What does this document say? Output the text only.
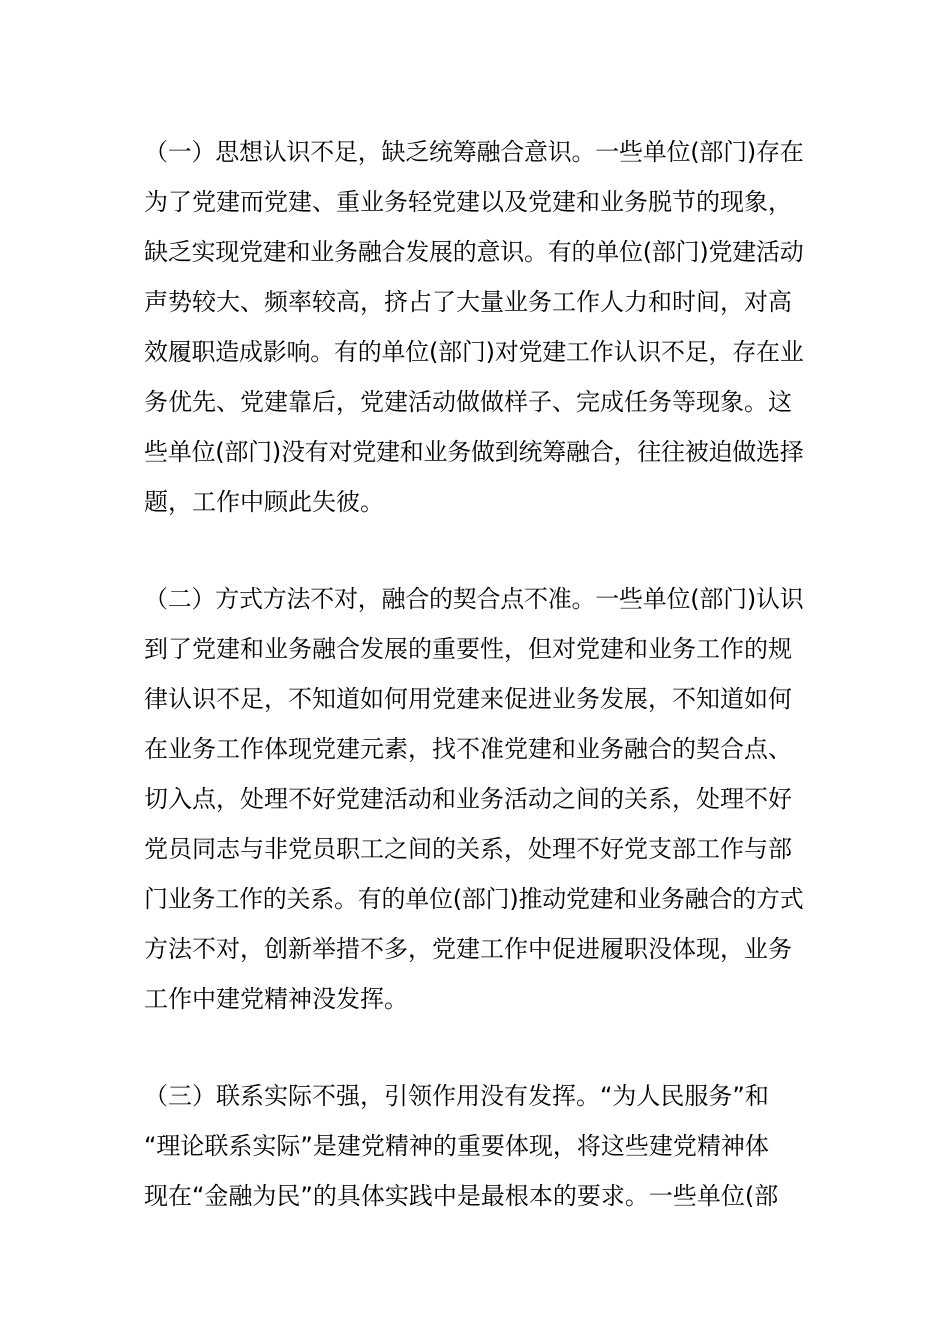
（一）思想认识不足，缺乏统筹融合意识。一些单位(部门)存在
为了党建而党建、重业务轻党建以及党建和业务脱节的现象，
缺乏实现党建和业务融合发展的意识。有的单位(部门)党建活动
声势较大、频率较高，挤占了大量业务工作人力和时间，对高
效履职造成影响。有的单位(部门)对党建工作认识不足，存在业
务优先、党建靠后，党建活动做做样子、完成任务等现象。这
些单位(部门)没有对党建和业务做到统筹融合，往往被迫做选择
题，工作中顾此失彼。
（二）方式方法不对，融合的契合点不准。一些单位(部门)认识
到了党建和业务融合发展的重要性，但对党建和业务工作的规
律认识不足，不知道如何用党建来促进业务发展，不知道如何
在业务工作体现党建元素，找不准党建和业务融合的契合点、
切入点，处理不好党建活动和业务活动之间的关系，处理不好
党员同志与非党员职工之间的关系，处理不好党支部工作与部
门业务工作的关系。有的单位(部门)推动党建和业务融合的方式
方法不对，创新举措不多，党建工作中促进履职没体现，业务
工作中建党精神没发挥。
（三）联系实际不强，引领作用没有发挥。“为人民服务”和
“理论联系实际”是建党精神的重要体现，将这些建党精神体
现在“金融为民”的具体实践中是最根本的要求。一些单位(部
